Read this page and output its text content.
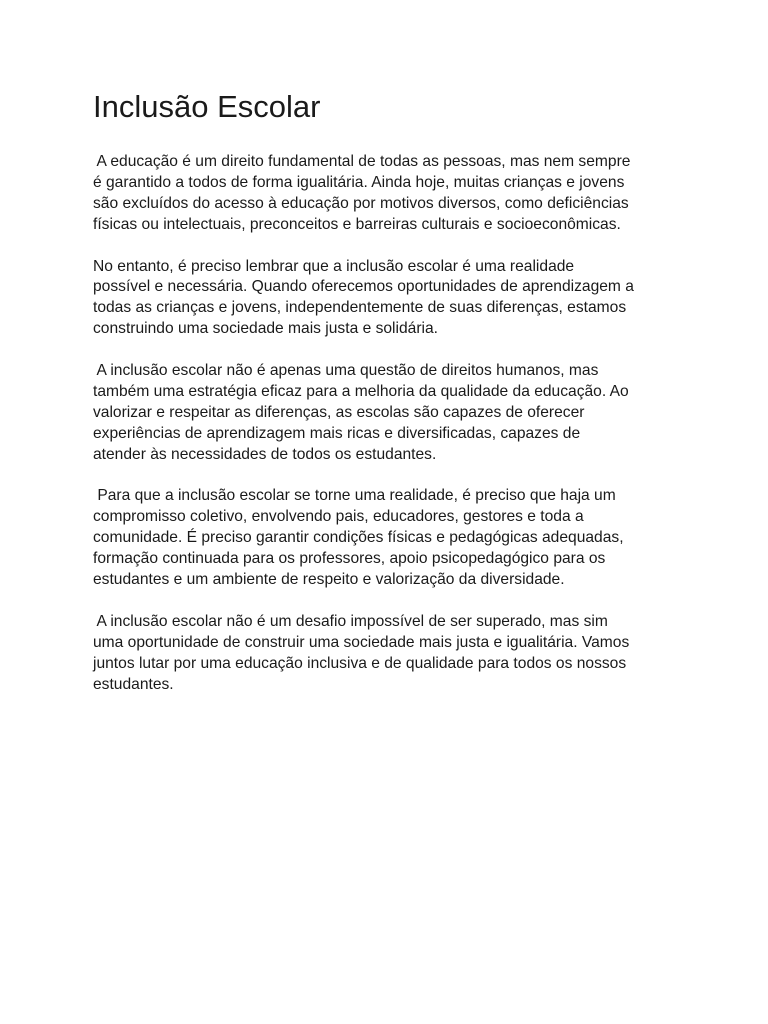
Inclusão Escolar

A educação é um direito fundamental de todas as pessoas, mas nem sempre
é garantido a todos de forma igualitária. Ainda hoje, muitas crianças e jovens
são excluídos do acesso à educação por motivos diversos, como deficiências
físicas ou intelectuais, preconceitos e barreiras culturais e socioeconômicas.

No entanto, é preciso lembrar que a inclusão escolar é uma realidade
possível e necessária. Quando oferecemos oportunidades de aprendizagem a
todas as crianças e jovens, independentemente de suas diferenças, estamos
construindo uma sociedade mais justa e solidária.

A inclusão escolar não é apenas uma questão de direitos humanos, mas
também uma estratégia eficaz para a melhoria da qualidade da educação. Ao
valorizar e respeitar as diferenças, as escolas são capazes de oferecer
experiências de aprendizagem mais ricas e diversificadas, capazes de
atender às necessidades de todos os estudantes.

Para que a inclusão escolar se torne uma realidade, é preciso que haja um
compromisso coletivo, envolvendo pais, educadores, gestores e toda a
comunidade. É preciso garantir condições físicas e pedagógicas adequadas,
formação continuada para os professores, apoio psicopedagógico para os
estudantes e um ambiente de respeito e valorização da diversidade.

A inclusão escolar não é um desafio impossível de ser superado, mas sim
uma oportunidade de construir uma sociedade mais justa e igualitária. Vamos
juntos lutar por uma educação inclusiva e de qualidade para todos os nossos
estudantes.
